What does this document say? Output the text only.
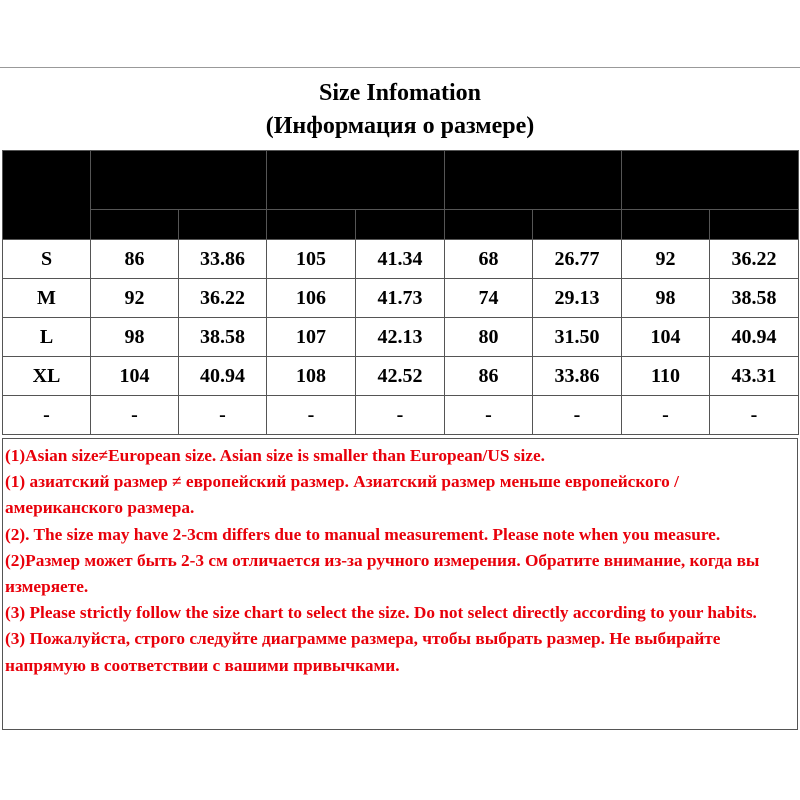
Size Infomation
(Информация о размере)
Asian
Size	Bust
( Бюст )		Length
( длина )		Waist
( Талия )		Hips
( Бедра )	

	cm	inch	cm	inch	cm	inch	cm	inch
S	86	33.86	105	41.34	68	26.77	92	36.22
M	92	36.22	106	41.73	74	29.13	98	38.58
L	98	38.58	107	42.13	80	31.50	104	40.94
XL	104	40.94	108	42.52	86	33.86	110	43.31
-	-	-	-	-	-	-	-	-

(1)Asian size≠European size. Asian size is smaller than European/US size.

(1) азиатский размер ≠ европейский размер. Азиатский размер меньше европейского / американского размера.

(2). The size may have 2-3cm differs due to manual measurement. Please note when you measure.

(2)Размер может быть 2-3 см отличается из-за ручного измерения. Обратите внимание, когда вы измеряете.

(3) Please strictly follow the size chart to select the size. Do not select directly according to your habits.

(3) Пожалуйста, строго следуйте диаграмме размера, чтобы выбрать размер. Не выбирайте напрямую в соответствии с вашими привычками.
